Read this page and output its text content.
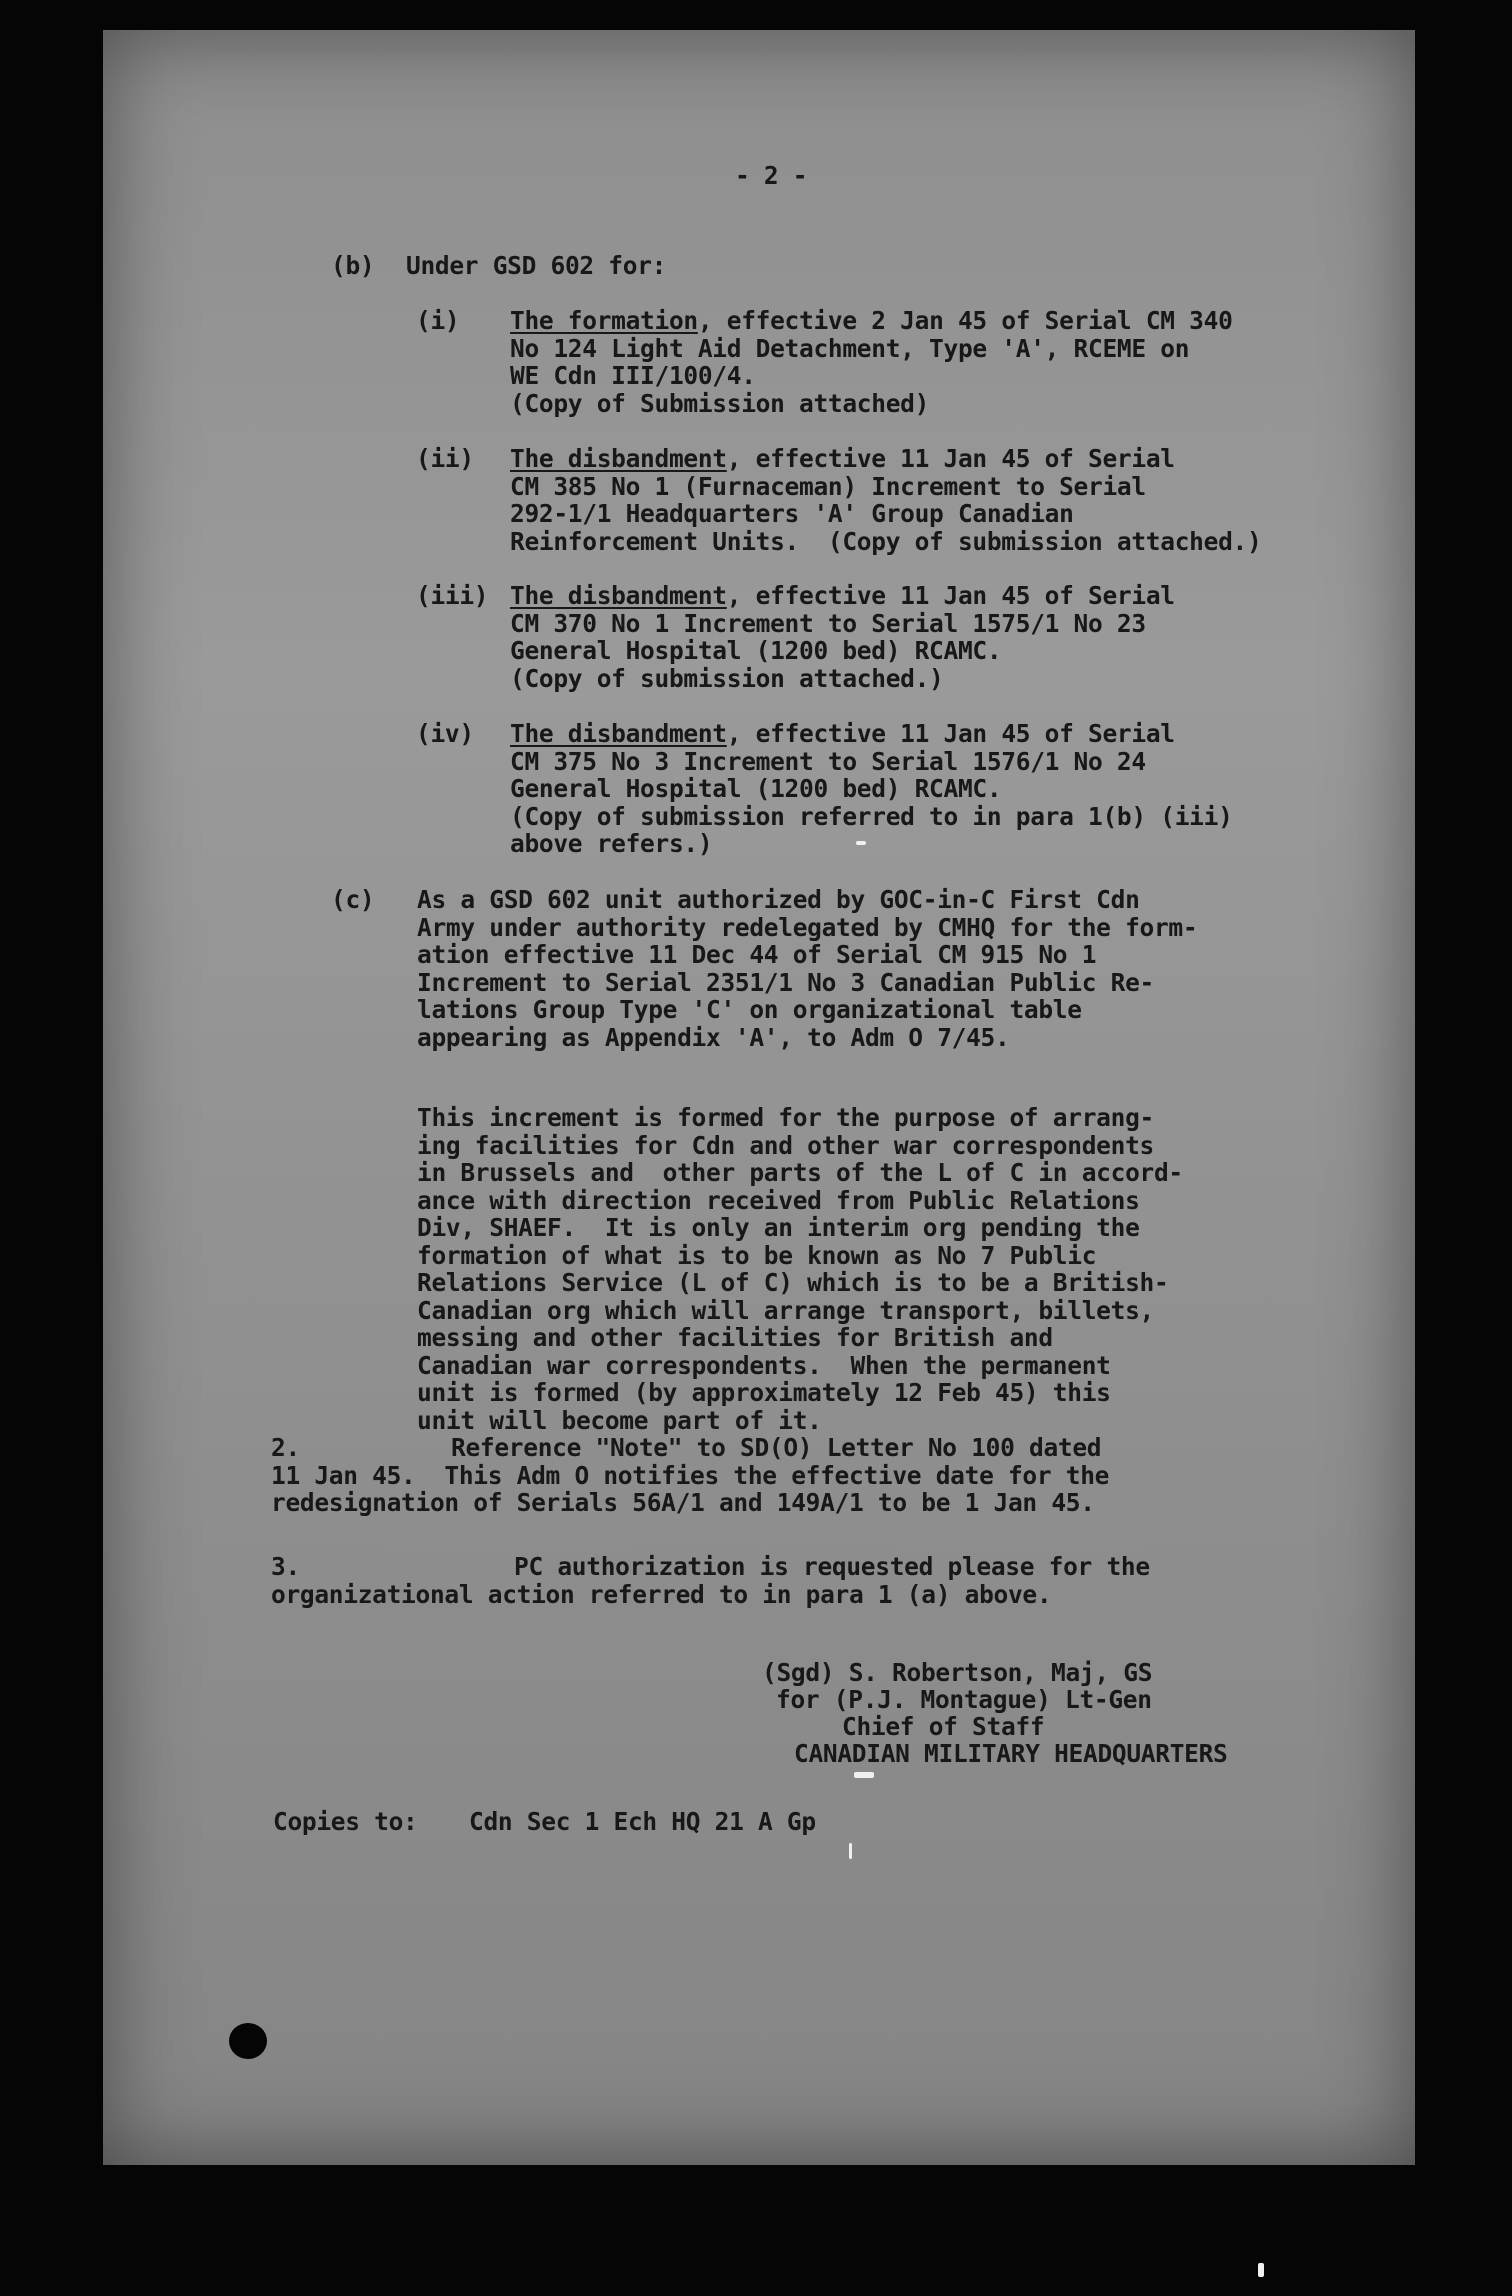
- 2 -

(b) Under GSD 602 for:

(i) The formation, effective 2 Jan 45 of Serial CM 340

No 124 Light Aid Detachment, Type 'A', RCEME on

WE Cdn III/100/4.

(Copy of Submission attached)

(ii) The disbandment, effective 11 Jan 45 of Serial

CM 385 No 1 (Furnaceman) Increment to Serial

292-1/1 Headquarters 'A' Group Canadian

Reinforcement Units.  (Copy of submission attached.)

(iii) The disbandment, effective 11 Jan 45 of Serial

CM 370 No 1 Increment to Serial 1575/1 No 23

General Hospital (1200 bed) RCAMC.

(Copy of submission attached.)

(iv) The disbandment, effective 11 Jan 45 of Serial

CM 375 No 3 Increment to Serial 1576/1 No 24

General Hospital (1200 bed) RCAMC.

(Copy of submission referred to in para 1(b) (iii)

above refers.)

(c) As a GSD 602 unit authorized by GOC-in-C First Cdn

Army under authority redelegated by CMHQ for the form-

ation effective 11 Dec 44 of Serial CM 915 No 1

Increment to Serial 2351/1 No 3 Canadian Public Re-

lations Group Type 'C' on organizational table

appearing as Appendix 'A', to Adm O 7/45.

This increment is formed for the purpose of arrang-

ing facilities for Cdn and other war correspondents

in Brussels and  other parts of the L of C in accord-

ance with direction received from Public Relations

Div, SHAEF.  It is only an interim org pending the

formation of what is to be known as No 7 Public

Relations Service (L of C) which is to be a British-

Canadian org which will arrange transport, billets,

messing and other facilities for British and

Canadian war correspondents.  When the permanent

unit is formed (by approximately 12 Feb 45) this

unit will become part of it.

2.	Reference "Note" to SD(O) Letter No 100 dated

11 Jan 45.  This Adm O notifies the effective date for the

redesignation of Serials 56A/1 and 149A/1 to be 1 Jan 45.

3.	PC authorization is requested please for the

organizational action referred to in para 1 (a) above.

(Sgd) S. Robertson, Maj, GS

for (P.J. Montague) Lt-Gen

Chief of Staff

CANADIAN MILITARY HEADQUARTERS

Copies to: Cdn Sec 1 Ech HQ 21 A Gp
